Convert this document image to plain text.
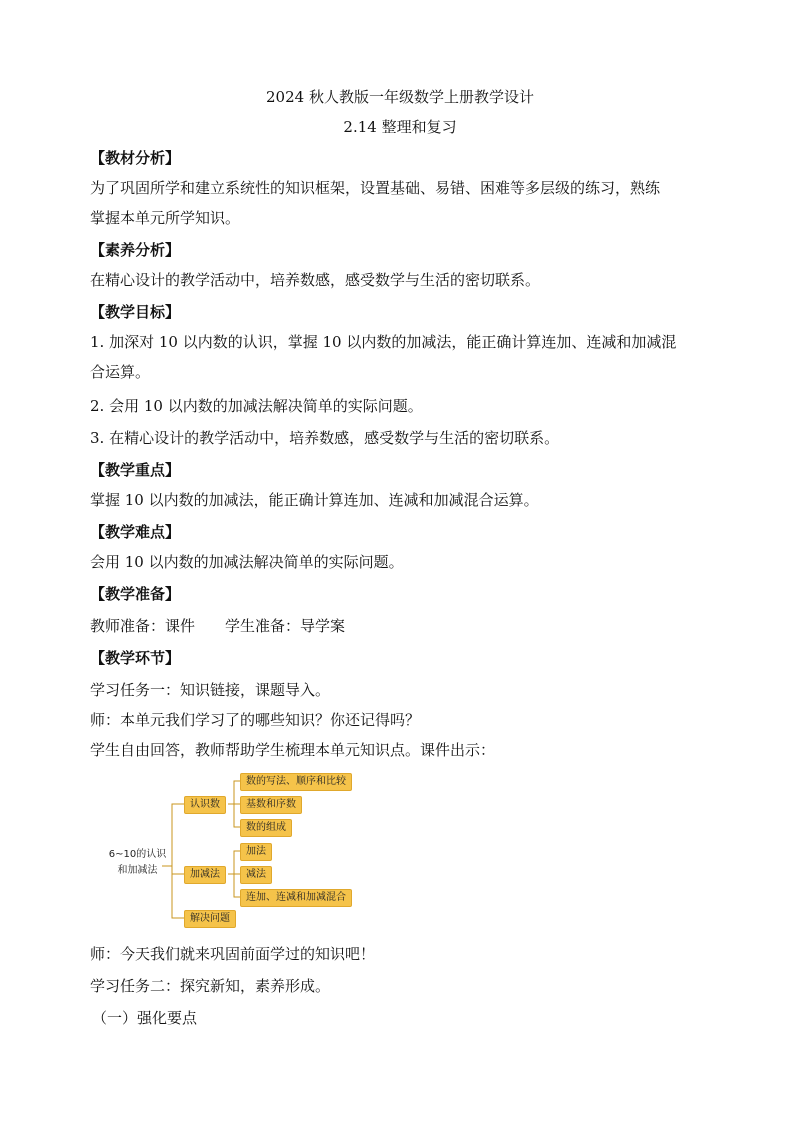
2024 秋人教版一年级数学上册教学设计
2.14 整理和复习
【教材分析】
为了巩固所学和建立系统性的知识框架，设置基础、易错、困难等多层级的练习，熟练
掌握本单元所学知识。
【素养分析】
在精心设计的教学活动中，培养数感，感受数学与生活的密切联系。
【教学目标】
1. 加深对 10 以内数的认识，掌握 10 以内数的加减法，能正确计算连加、连减和加减混
合运算。
2. 会用 10 以内数的加减法解决简单的实际问题。
3. 在精心设计的教学活动中，培养数感，感受数学与生活的密切联系。
【教学重点】
掌握 10 以内数的加减法，能正确计算连加、连减和加减混合运算。
【教学难点】
会用 10 以内数的加减法解决简单的实际问题。
【教学准备】
教师准备：课件　　学生准备：导学案
【教学环节】
学习任务一：知识链接，课题导入。
师：本单元我们学习了的哪些知识？你还记得吗？
学生自由回答，教师帮助学生梳理本单元知识点。课件出示：
6~10的认识和加减法
认识数
数的写法、顺序和比较
基数和序数
数的组成
加减法
加法
减法
连加、连减和加减混合
解决问题
师：今天我们就来巩固前面学过的知识吧！
学习任务二：探究新知，素养形成。
（一）强化要点
